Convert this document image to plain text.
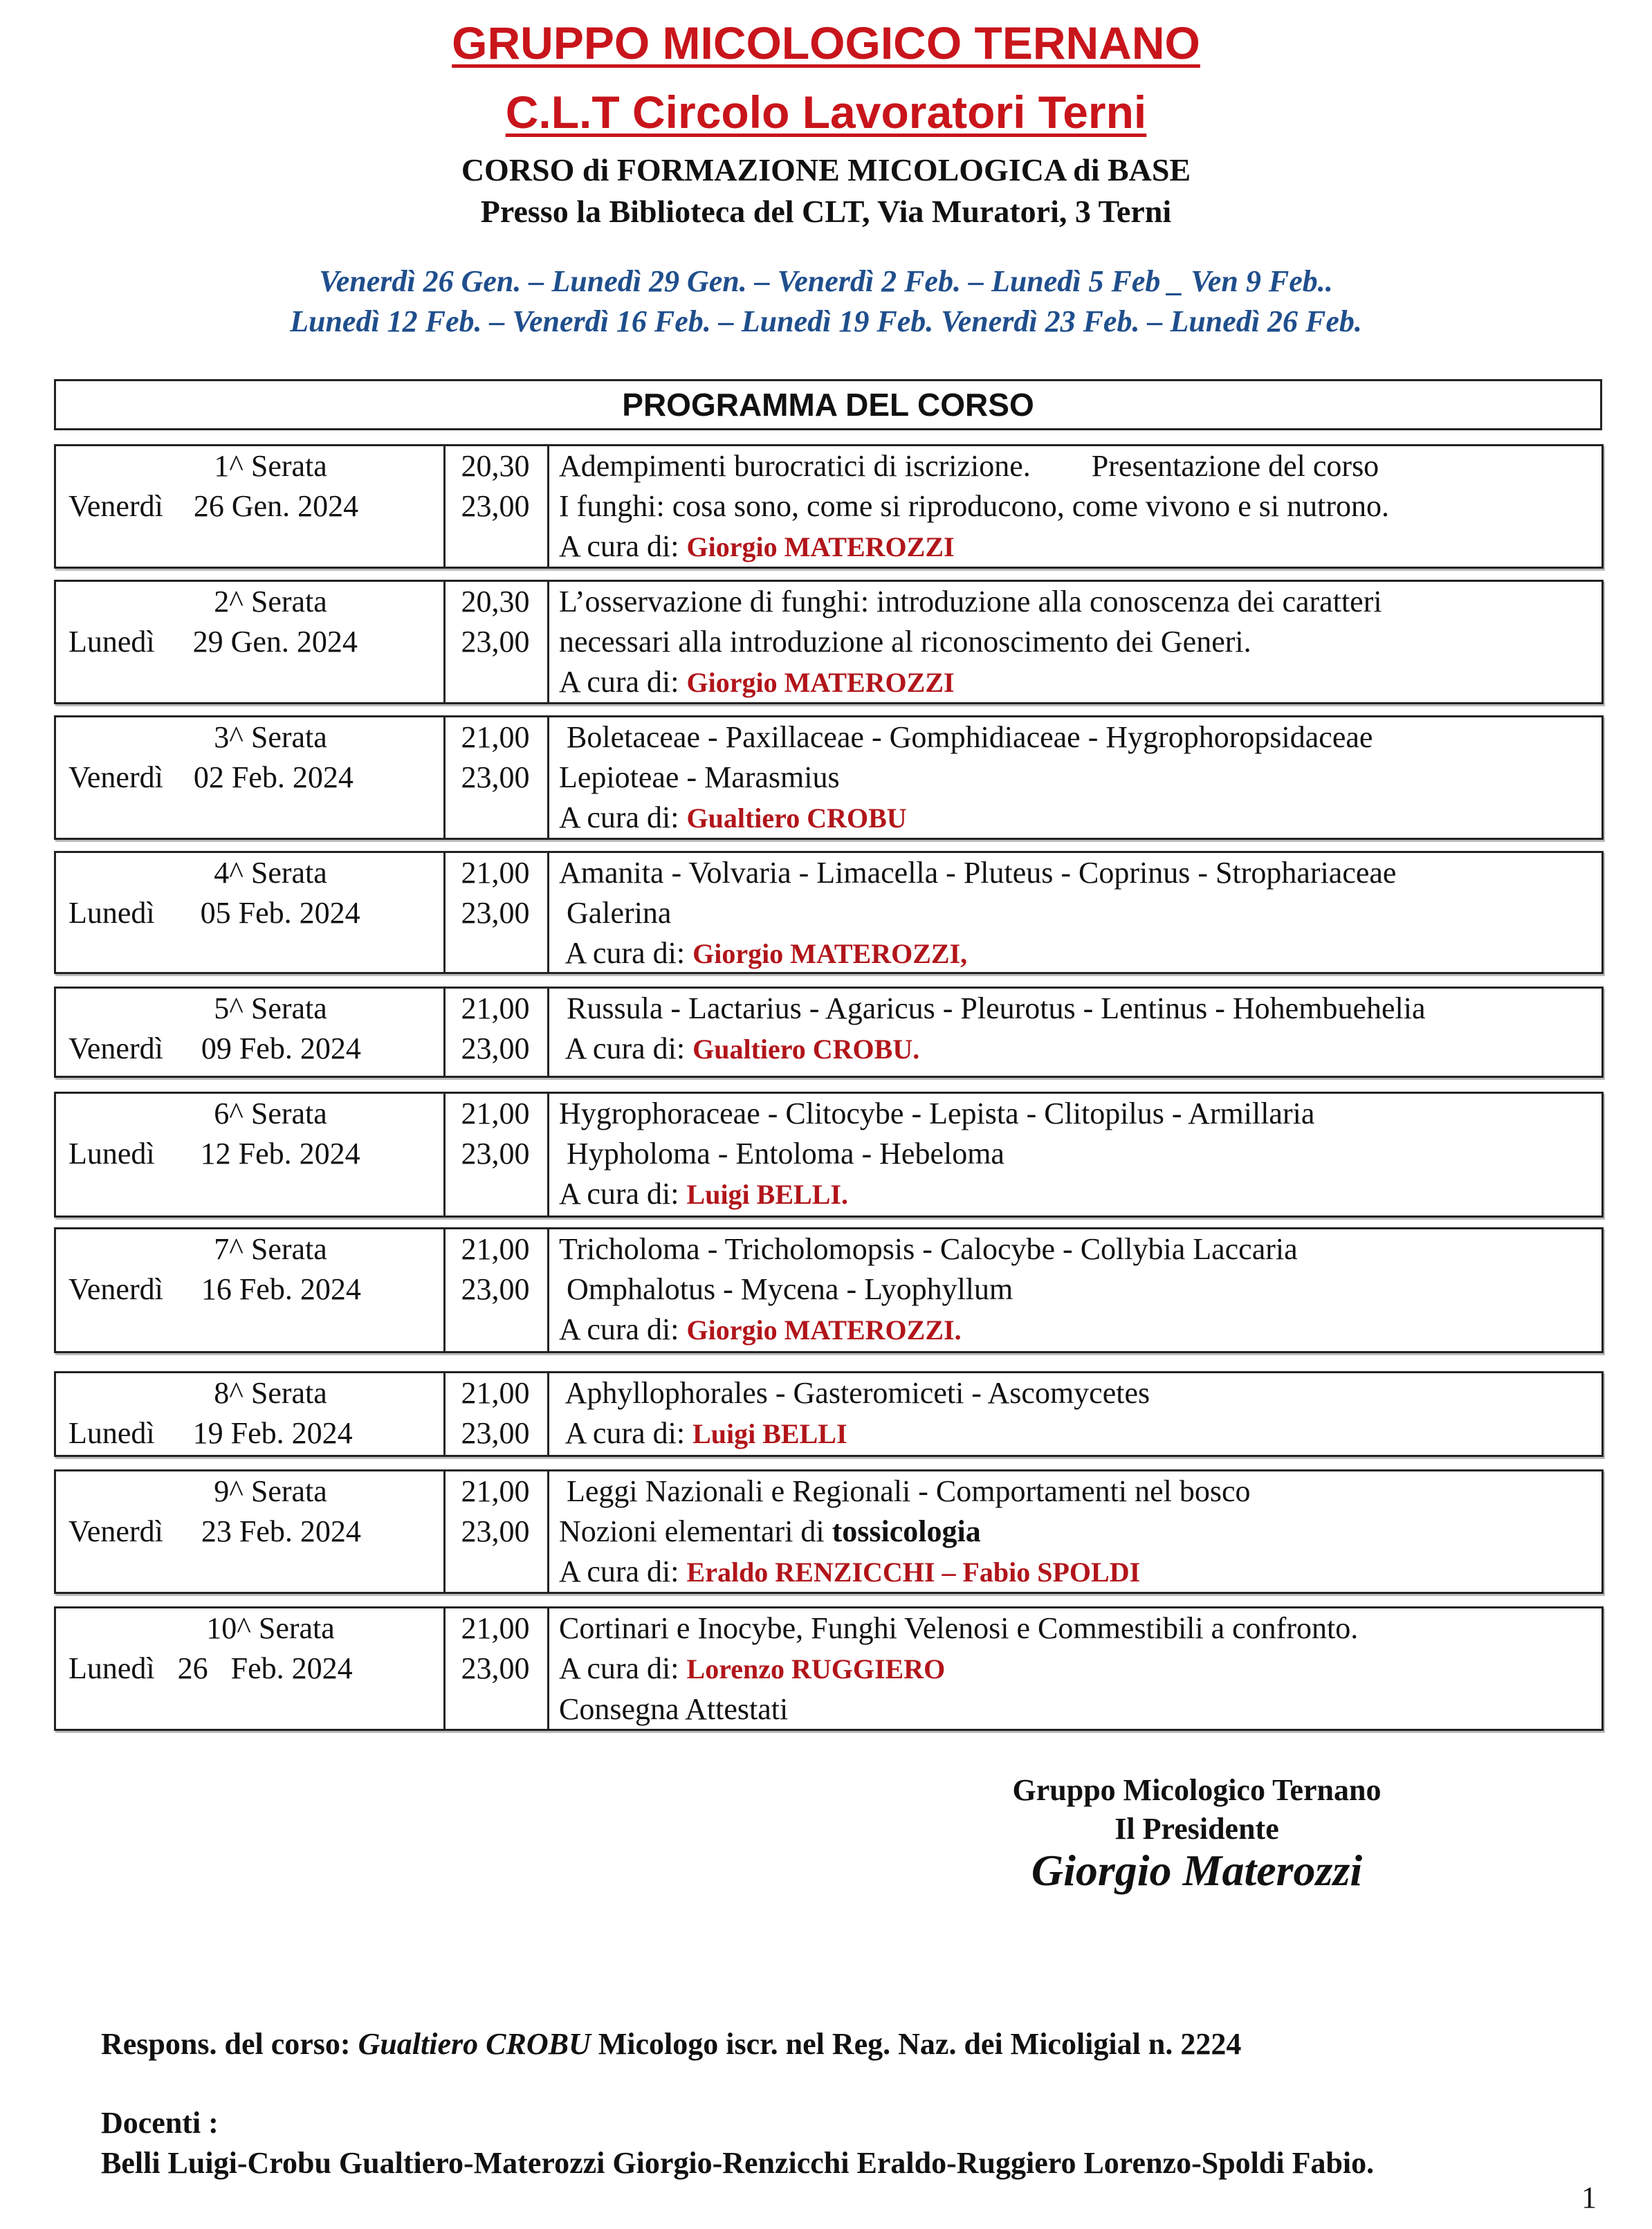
GRUPPO MICOLOGICO TERNANO
C.L.T Circolo Lavoratori Terni
CORSO di FORMAZIONE MICOLOGICA di BASE
Presso la Biblioteca del CLT, Via Muratori, 3 Terni
Venerdì 26 Gen. – Lunedì 29 Gen. – Venerdì 2 Feb. – Lunedì 5 Feb _ Ven 9 Feb..
Lunedì 12 Feb. – Venerdì 16 Feb. – Lunedì 19 Feb. Venerdì 23 Feb. – Lunedì 26 Feb.
PROGRAMMA DEL CORSO
1^ Serata
Venerdì    26 Gen. 2024
20,30
23,00
Adempimenti burocratici di iscrizione.        Presentazione del corso
I funghi: cosa sono, come si riproducono, come vivono e si nutrono.
A cura di: Giorgio MATEROZZI
2^ Serata
Lunedì     29 Gen. 2024
20,30
23,00
L’osservazione di funghi: introduzione alla conoscenza dei caratteri
necessari alla introduzione al riconoscimento dei Generi.
A cura di: Giorgio MATEROZZI
3^ Serata
Venerdì    02 Feb. 2024
21,00
23,00
Boletaceae - Paxillaceae - Gomphidiaceae - Hygrophoropsidaceae
Lepioteae - Marasmius
A cura di: Gualtiero CROBU
4^ Serata
Lunedì      05 Feb. 2024
21,00
23,00
Amanita - Volvaria - Limacella - Pluteus - Coprinus - Strophariaceae
Galerina
A cura di: Giorgio MATEROZZI,
5^ Serata
Venerdì     09 Feb. 2024
21,00
23,00
Russula - Lactarius - Agaricus - Pleurotus - Lentinus - Hohembuehelia
A cura di: Gualtiero CROBU.
6^ Serata
Lunedì      12 Feb. 2024
21,00
23,00
Hygrophoraceae - Clitocybe - Lepista - Clitopilus - Armillaria
Hypholoma - Entoloma - Hebeloma
A cura di: Luigi BELLI.
7^ Serata
Venerdì     16 Feb. 2024
21,00
23,00
Tricholoma - Tricholomopsis - Calocybe - Collybia Laccaria
Omphalotus - Mycena - Lyophyllum
A cura di: Giorgio MATEROZZI.
8^ Serata
Lunedì     19 Feb. 2024
21,00
23,00
Aphyllophorales - Gasteromiceti - Ascomycetes
A cura di: Luigi BELLI
9^ Serata
Venerdì     23 Feb. 2024
21,00
23,00
Leggi Nazionali e Regionali - Comportamenti nel bosco
Nozioni elementari di tossicologia
A cura di: Eraldo RENZICCHI – Fabio SPOLDI
10^ Serata
Lunedì   26   Feb. 2024
21,00
23,00
Cortinari e Inocybe, Funghi Velenosi e Commestibili a confronto.
A cura di: Lorenzo RUGGIERO
Consegna Attestati
Gruppo Micologico Ternano
Il Presidente
Giorgio Materozzi
Respons. del corso: Gualtiero CROBU Micologo iscr. nel Reg. Naz. dei Micoligial n. 2224
Docenti :
Belli Luigi-Crobu Gualtiero-Materozzi Giorgio-Renzicchi Eraldo-Ruggiero Lorenzo-Spoldi Fabio.
1
